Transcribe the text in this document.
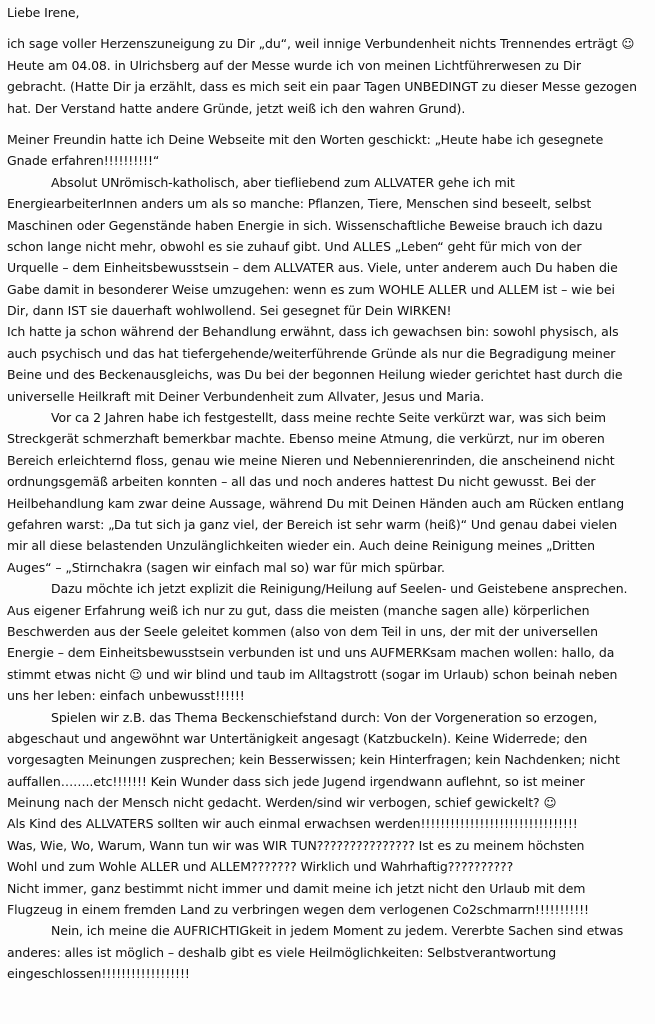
Liebe Irene,
ich sage voller Herzenszuneigung zu Dir „du“, weil innige Verbundenheit nichts Trennendes erträgt ☺
Heute am 04.08. in Ulrichsberg auf der Messe wurde ich von meinen Lichtführerwesen zu Dir
gebracht. (Hatte Dir ja erzählt, dass es mich seit ein paar Tagen UNBEDINGT zu dieser Messe gezogen
hat. Der Verstand hatte andere Gründe, jetzt weiß ich den wahren Grund).
Meiner Freundin hatte ich Deine Webseite mit den Worten geschickt: „Heute habe ich gesegnete
Gnade erfahren!!!!!!!!!!“
Absolut UNrömisch-katholisch, aber tiefliebend zum ALLVATER gehe ich mit
EnergiearbeiterInnen anders um als so manche: Pflanzen, Tiere, Menschen sind beseelt, selbst
Maschinen oder Gegenstände haben Energie in sich. Wissenschaftliche Beweise brauch ich dazu
schon lange nicht mehr, obwohl es sie zuhauf gibt. Und ALLES „Leben“ geht für mich von der
Urquelle – dem Einheitsbewusstsein – dem ALLVATER aus. Viele, unter anderem auch Du haben die
Gabe damit in besonderer Weise umzugehen: wenn es zum WOHLE ALLER und ALLEM ist – wie bei
Dir, dann IST sie dauerhaft wohlwollend. Sei gesegnet für Dein WIRKEN!
Ich hatte ja schon während der Behandlung erwähnt, dass ich gewachsen bin: sowohl physisch, als
auch psychisch und das hat tiefergehende/weiterführende Gründe als nur die Begradigung meiner
Beine und des Beckenausgleichs, was Du bei der begonnen Heilung wieder gerichtet hast durch die
universelle Heilkraft mit Deiner Verbundenheit zum Allvater, Jesus und Maria.
Vor ca 2 Jahren habe ich festgestellt, dass meine rechte Seite verkürzt war, was sich beim
Streckgerät schmerzhaft bemerkbar machte. Ebenso meine Atmung, die verkürzt, nur im oberen
Bereich erleichternd floss, genau wie meine Nieren und Nebennierenrinden, die anscheinend nicht
ordnungsgemäß arbeiten konnten – all das und noch anderes hattest Du nicht gewusst. Bei der
Heilbehandlung kam zwar deine Aussage, während Du mit Deinen Händen auch am Rücken entlang
gefahren warst: „Da tut sich ja ganz viel, der Bereich ist sehr warm (heiß)“ Und genau dabei vielen
mir all diese belastenden Unzulänglichkeiten wieder ein. Auch deine Reinigung meines „Dritten
Auges“ – „Stirnchakra (sagen wir einfach mal so) war für mich spürbar.
Dazu möchte ich jetzt explizit die Reinigung/Heilung auf Seelen- und Geistebene ansprechen.
Aus eigener Erfahrung weiß ich nur zu gut, dass die meisten (manche sagen alle) körperlichen
Beschwerden aus der Seele geleitet kommen (also von dem Teil in uns, der mit der universellen
Energie – dem Einheitsbewusstsein verbunden ist und uns AUFMERKsam machen wollen: hallo, da
stimmt etwas nicht ☺ und wir blind und taub im Alltagstrott (sogar im Urlaub) schon beinah neben
uns her leben: einfach unbewusst!!!!!!
Spielen wir z.B. das Thema Beckenschiefstand durch: Von der Vorgeneration so erzogen,
abgeschaut und angewöhnt war Untertänigkeit angesagt (Katzbuckeln). Keine Widerrede; den
vorgesagten Meinungen zusprechen; kein Besserwissen; kein Hinterfragen; kein Nachdenken; nicht
auffallen……..etc!!!!!!! Kein Wunder dass sich jede Jugend irgendwann auflehnt, so ist meiner
Meinung nach der Mensch nicht gedacht. Werden/sind wir verbogen, schief gewickelt? ☺
Als Kind des ALLVATERS sollten wir auch einmal erwachsen werden!!!!!!!!!!!!!!!!!!!!!!!!!!!!!!!!
Was, Wie, Wo, Warum, Wann tun wir was WIR TUN??????????????? Ist es zu meinem höchsten
Wohl und zum Wohle ALLER und ALLEM??????? Wirklich und Wahrhaftig??????????
Nicht immer, ganz bestimmt nicht immer und damit meine ich jetzt nicht den Urlaub mit dem
Flugzeug in einem fremden Land zu verbringen wegen dem verlogenen Co2schmarrn!!!!!!!!!!!
Nein, ich meine die AUFRICHTIGkeit in jedem Moment zu jedem. Vererbte Sachen sind etwas
anderes: alles ist möglich – deshalb gibt es viele Heilmöglichkeiten: Selbstverantwortung
eingeschlossen!!!!!!!!!!!!!!!!!!
